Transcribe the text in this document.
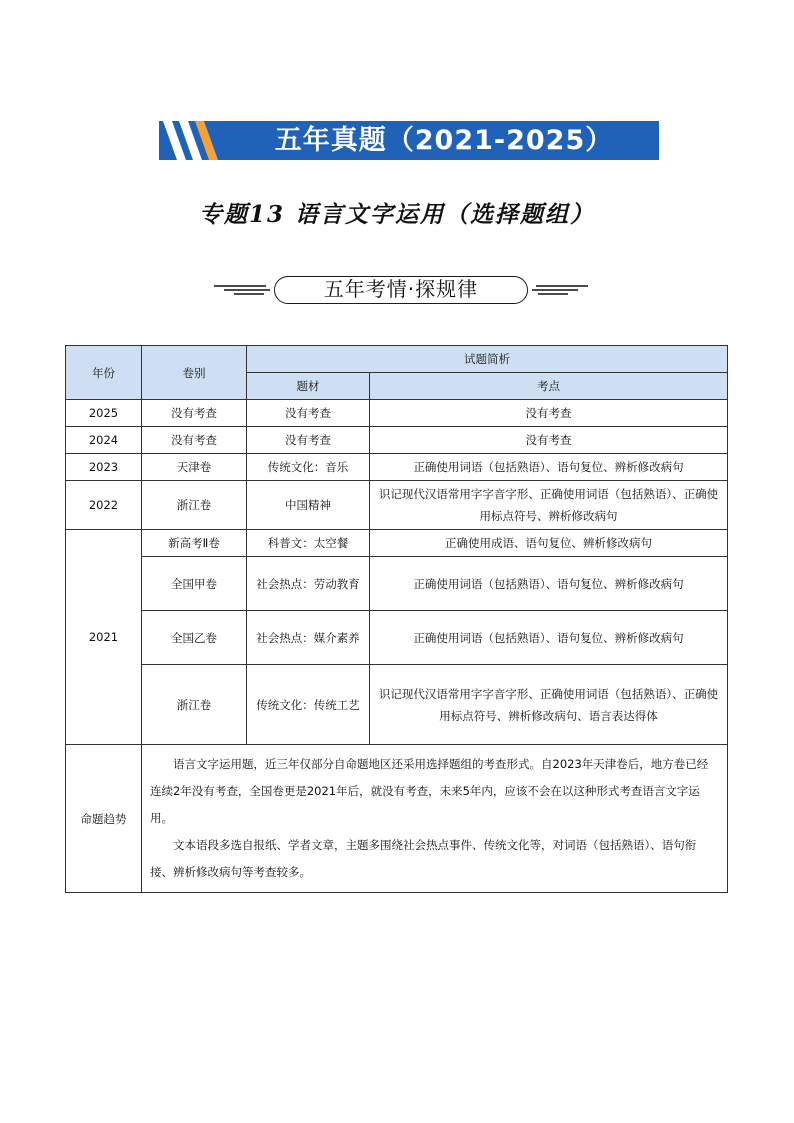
五年真题（2021-2025）
专题13 语言文字运用（选择题组）
五年考情·探规律
年份	卷别	试题简析	
		题材	考点
2025	没有考查	没有考查	没有考查
2024	没有考查	没有考查	没有考查
2023	天津卷	传统文化：音乐	正确使用词语（包括熟语）、语句复位、辨析修改病句
2022	浙江卷	中国精神	识记现代汉语常用字字音字形、正确使用词语（包括熟语）、正确使用标点符号、辨析修改病句
2021	新高考Ⅱ卷	科普文：太空餐	正确使用成语、语句复位、辨析修改病句
	全国甲卷	社会热点：劳动教育	正确使用词语（包括熟语）、语句复位、辨析修改病句
	全国乙卷	社会热点：媒介素养	正确使用词语（包括熟语）、语句复位、辨析修改病句
	浙江卷	传统文化：传统工艺	识记现代汉语常用字字音字形、正确使用词语（包括熟语）、正确使用标点符号、辨析修改病句、语言表达得体
命题趋势	语言文字运用题，近三年仅部分自命题地区还采用选择题组的考查形式。自2023年天津卷后，地方卷已经连续2年没有考查，全国卷更是2021年后，就没有考查，未来5年内，应该不会在以这种形式考查语言文字运用。

文本语段多选自报纸、学者文章，主题多围绕社会热点事件、传统文化等，对词语（包括熟语）、语句衔接、辨析修改病句等考查较多。		
